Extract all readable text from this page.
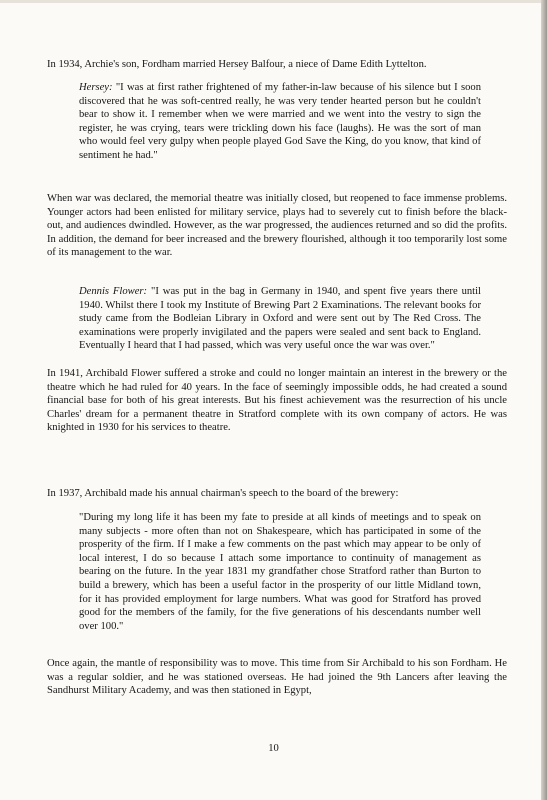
In 1934, Archie's son, Fordham married Hersey Balfour, a niece of Dame Edith Lyttelton.

Hersey: "I was at first rather frightened of my father-in-law because of his silence but I soon discovered that he was soft-centred really, he was very tender hearted person but he couldn't bear to show it. I remember when we were married and we went into the vestry to sign the register, he was crying, tears were trickling down his face (laughs). He was the sort of man who would feel very gulpy when people played God Save the King, do you know, that kind of sentiment he had."

When war was declared, the memorial theatre was initially closed, but reopened to face immense problems. Younger actors had been enlisted for military service, plays had to severely cut to finish before the black-out, and audiences dwindled. However, as the war progressed, the audiences returned and so did the profits. In addition, the demand for beer increased and the brewery flourished, although it too temporarily lost some of its management to the war.

Dennis Flower: "I was put in the bag in Germany in 1940, and spent five years there until 1940. Whilst there I took my Institute of Brewing Part 2 Examinations. The relevant books for study came from the Bodleian Library in Oxford and were sent out by The Red Cross. The examinations were properly invigilated and the papers were sealed and sent back to England. Eventually I heard that I had passed, which was very useful once the war was over."

In 1941, Archibald Flower suffered a stroke and could no longer maintain an interest in the brewery or the theatre which he had ruled for 40 years. In the face of seemingly impossible odds, he had created a sound financial base for both of his great interests. But his finest achievement was the resurrection of his uncle Charles' dream for a permanent theatre in Stratford complete with its own company of actors. He was knighted in 1930 for his services to theatre.

In 1937, Archibald made his annual chairman's speech to the board of the brewery:

"During my long life it has been my fate to preside at all kinds of meetings and to speak on many subjects - more often than not on Shakespeare, which has participated in some of the prosperity of the firm. If I make a few comments on the past which may appear to be only of local interest, I do so because I attach some importance to continuity of management as bearing on the future. In the year 1831 my grandfather chose Stratford rather than Burton to build a brewery, which has been a useful factor in the prosperity of our little Midland town, for it has provided employment for large numbers. What was good for Stratford has proved good for the members of the family, for the five generations of his descendants number well over 100."

Once again, the mantle of responsibility was to move. This time from Sir Archibald to his son Fordham. He was a regular soldier, and he was stationed overseas. He had joined the 9th Lancers after leaving the Sandhurst Military Academy, and was then stationed in Egypt,

10
